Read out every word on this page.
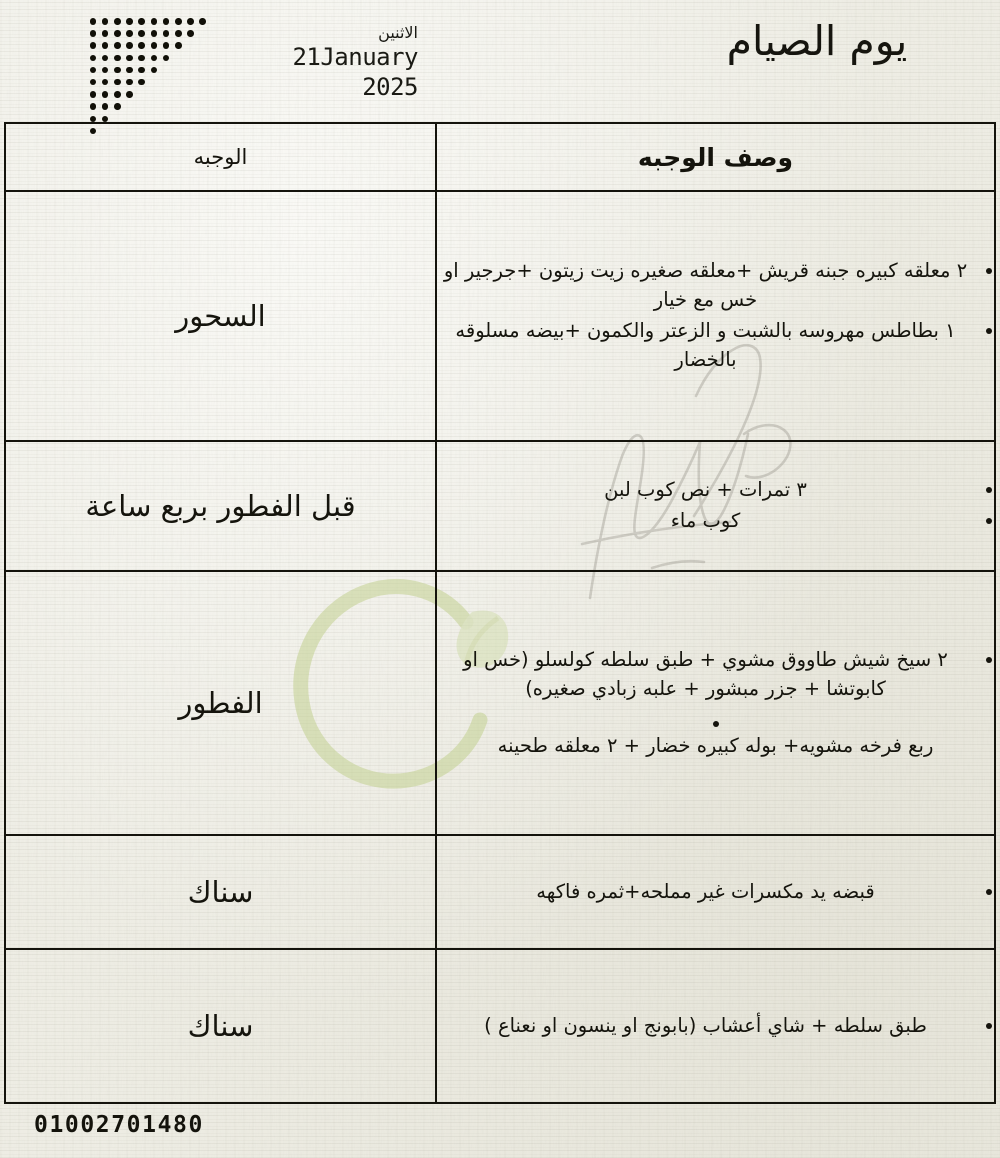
يوم الصيام
الاثنين
21January
2025
وصف الوجبه	الوجبه

٢ معلقه كبيره جبنه قريش +معلقه صغيره زيت زيتون +جرجير او خس مع خيار
١ بطاطس مهروسه بالشبت و الزعتر والكمون +بيضه مسلوقه بالخضار
	السحور

٣ تمرات + نص كوب لبن
كوب ماء
	قبل الفطور بربع ساعة

٢ سيخ شيش طاووق مشوي + طبق سلطه كولسلو (خس او كابوتشا + جزر مبشور + علبه زبادي صغيره)
ربع فرخه مشويه+ بوله كبيره خضار + ٢ معلقه طحينه
	الفطور

قبضه يد مكسرات غير مملحه+ثمره فاكهه
	سناك

طبق سلطه + شاي أعشاب (بابونج او ينسون او نعناع )
	سناك
01002701480
